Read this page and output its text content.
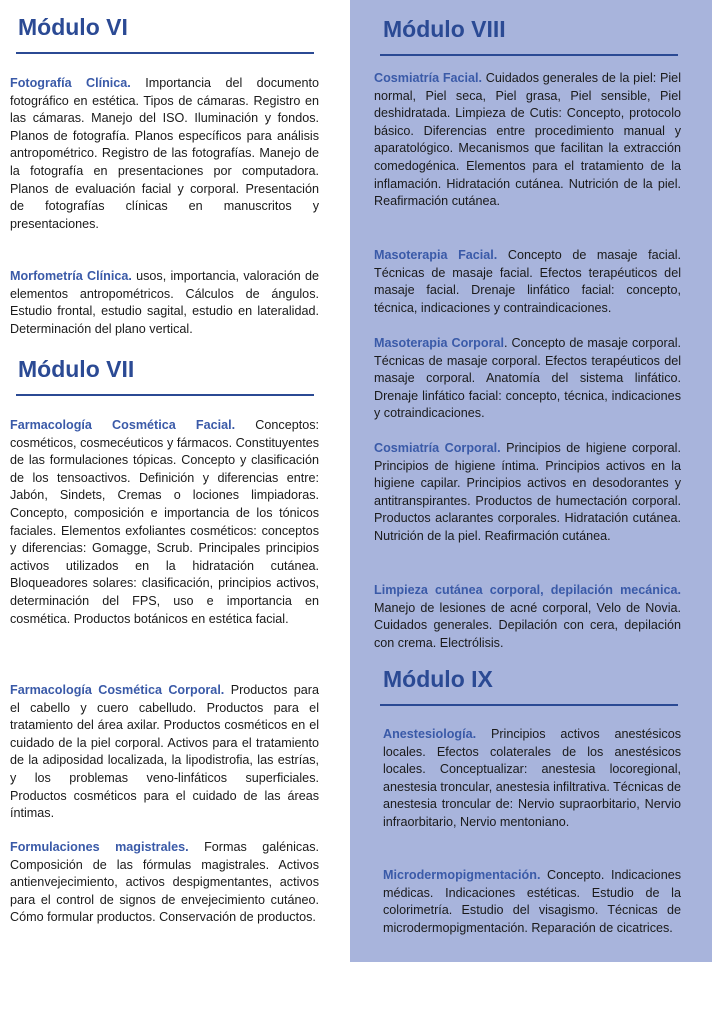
Módulo VI

Fotografía Clínica. Importancia del documento fotográfico en estética. Tipos de cámaras. Registro en las cámaras. Manejo del ISO. Iluminación y fondos. Planos de fotografía. Planos específicos para análisis antropométrico. Registro de las fotografías. Manejo de la fotografía en presentaciones por computadora. Planos de evaluación facial y corporal. Presentación de fotografías clínicas en manuscritos y presentaciones.

Morfometría Clínica. usos, importancia, valoración de elementos antropométricos. Cálculos de ángulos. Estudio frontal, estudio sagital, estudio en lateralidad. Determinación del plano vertical.

Módulo VII

Farmacología Cosmética Facial. Conceptos: cosméticos, cosmecéuticos y fármacos. Constituyentes de las formulaciones tópicas. Concepto y clasificación de los tensoactivos. Definición y diferencias entre: Jabón, Sindets, Cremas o lociones limpiadoras. Concepto, composición e importancia de los tónicos faciales. Elementos exfoliantes cosméticos: conceptos y diferencias: Gomagge, Scrub. Principales principios activos utilizados en la hidratación cutánea. Bloqueadores solares: clasificación, principios activos, determinación del FPS, uso e importancia en cosmética. Productos botánicos en estética facial.

Farmacología Cosmética Corporal. Productos para el cabello y cuero cabelludo. Productos para el tratamiento del área axilar. Productos cosméticos en el cuidado de la piel corporal. Activos para el tratamiento de la adiposidad localizada, la lipodistrofia, las estrías, y los problemas veno-linfáticos superficiales. Productos cosméticos para el cuidado de las áreas íntimas.

Formulaciones magistrales. Formas galénicas. Composición de las fórmulas magistrales. Activos antienvejecimiento, activos despigmentantes, activos para el control de signos de envejecimiento cutáneo. Cómo formular productos. Conservación de productos.

Módulo VIII

Cosmiatría Facial. Cuidados generales de la piel: Piel normal, Piel seca, Piel grasa, Piel sensible, Piel deshidratada. Limpieza de Cutis: Concepto, protocolo básico. Diferencias entre procedimiento manual y aparatológico. Mecanismos que facilitan la extracción comedogénica. Elementos para el tratamiento de la inflamación. Hidratación cutánea. Nutrición de la piel. Reafirmación cutánea.

Masoterapia Facial. Concepto de masaje facial. Técnicas de masaje facial. Efectos terapéuticos del masaje facial. Drenaje linfático facial: concepto, técnica, indicaciones y contraindicaciones.

Masoterapia Corporal. Concepto de masaje corporal. Técnicas de masaje corporal. Efectos terapéuticos del masaje corporal. Anatomía del sistema linfático. Drenaje linfático facial: concepto, técnica, indicaciones y cotraindicaciones.

Cosmiatría Corporal. Principios de higiene corporal. Principios de higiene íntima. Principios activos en la higiene capilar. Principios activos en desodorantes y antitranspirantes. Productos de humectación corporal. Productos aclarantes corporales. Hidratación cutánea. Nutrición de la piel. Reafirmación cutánea.

Limpieza cutánea corporal, depilación mecánica. Manejo de lesiones de acné corporal, Velo de Novia. Cuidados generales. Depilación con cera, depilación con crema. Electrólisis.

Módulo IX

Anestesiología. Principios activos anestésicos locales. Efectos colaterales de los anestésicos locales. Conceptualizar: anestesia locoregional, anestesia troncular, anestesia infiltrativa. Técnicas de anestesia troncular de: Nervio supraorbitario, Nervio infraorbitario, Nervio mentoniano.

Microdermopigmentación. Concepto. Indicaciones médicas. Indicaciones estéticas. Estudio de la colorimetría. Estudio del visagismo. Técnicas de microdermopigmentación. Reparación de cicatrices.
